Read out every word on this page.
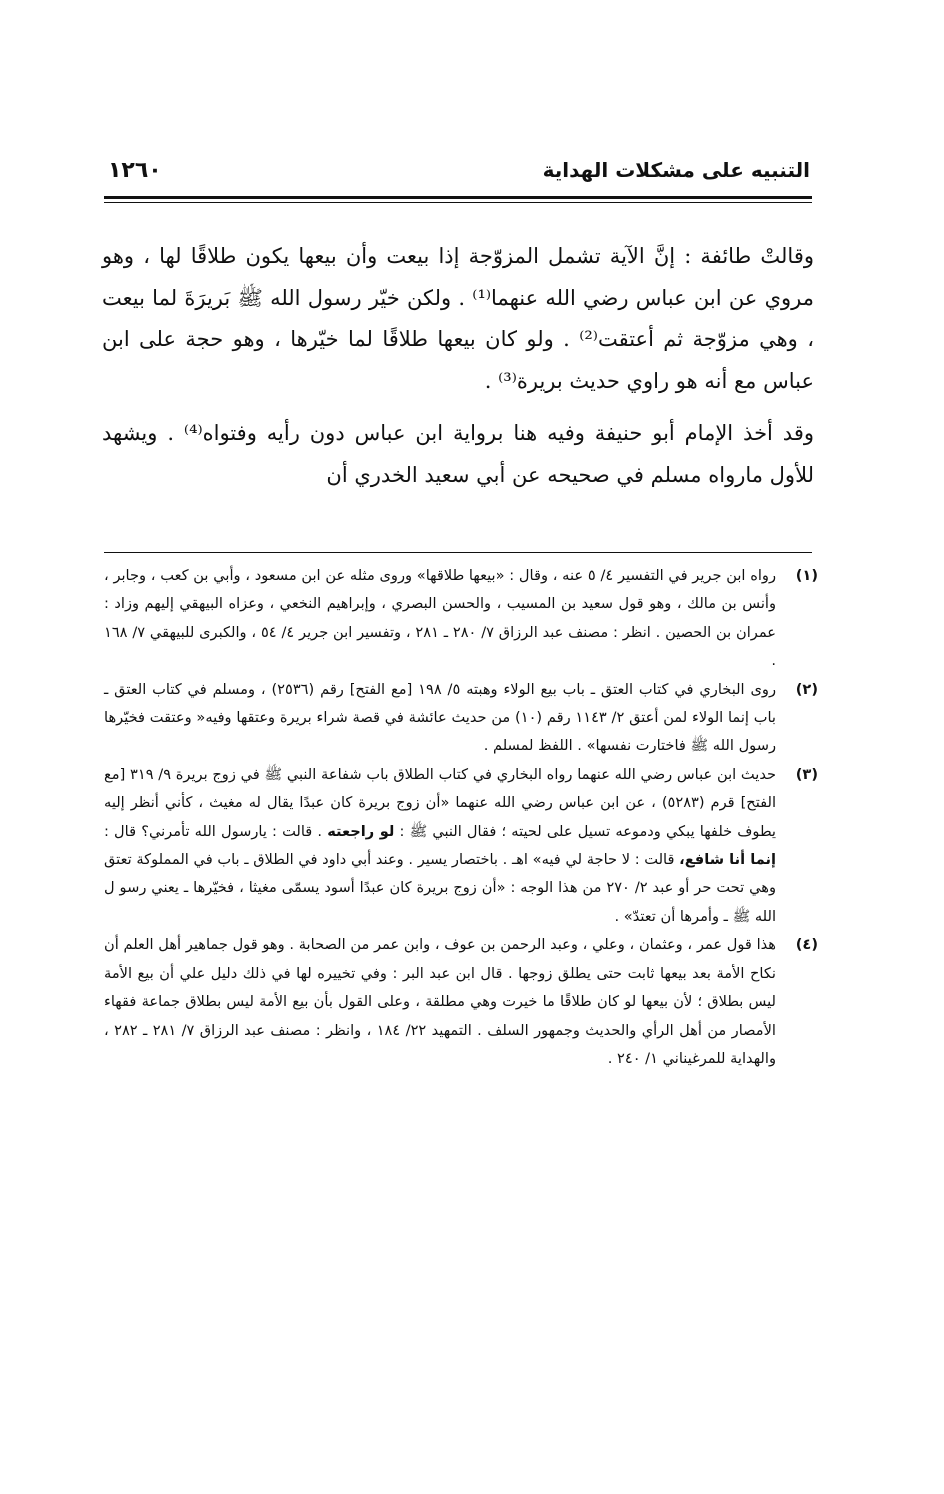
التنبيه على مشكلات الهداية
١٢٦٠

وقالتْ طائفة : إنَّ الآية تشمل المزوّجة إذا بيعت وأن بيعها يكون طلاقًا لها ، وهو مروي عن ابن عباس رضي الله عنهما⁽¹⁾ . ولكن خيّر رسول الله ﷺ بَريرَةَ لما بيعت ، وهي مزوّجة ثم أعتقت⁽²⁾ . ولو كان بيعها طلاقًا لما خيّرها ، وهو حجة على ابن عباس مع أنه هو راوي حديث بريرة⁽³⁾ .

وقد أخذ الإمام أبو حنيفة وفيه هنا برواية ابن عباس دون رأيه وفتواه⁽⁴⁾ . ويشهد للأول مارواه مسلم في صحيحه عن أبي سعيد الخدري أن

(١)
رواه ابن جرير في التفسير ٤/ ٥ عنه ، وقال : «بيعها طلاقها» وروى مثله عن ابن مسعود ، وأبي بن كعب ، وجابر ، وأنس بن مالك ، وهو قول سعيد بن المسيب ، والحسن البصري ، وإبراهيم النخعي ، وعزاه البيهقي إليهم وزاد : عمران بن الحصين . انظر : مصنف عبد الرزاق ٧/ ٢٨٠ ـ ٢٨١ ، وتفسير ابن جرير ٤/ ٥٤ ، والكبرى للبيهقي ٧/ ١٦٨ .
(٢)
روى البخاري في كتاب العتق ـ باب بيع الولاء وهبته ٥/ ١٩٨ [مع الفتح] رقم (٢٥٣٦) ، ومسلم في كتاب العتق ـ باب إنما الولاء لمن أعتق ٢/ ١١٤٣ رقم (١٠) من حديث عائشة في قصة شراء بريرة وعتقها وفيه« وعتقت فخيّرها رسول الله ﷺ فاختارت نفسها» . اللفظ لمسلم .
(٣)
حديث ابن عباس رضي الله عنهما رواه البخاري في كتاب الطلاق باب شفاعة النبي ﷺ في زوج بريرة ٩/ ٣١٩ [مع الفتح] قرم (٥٢٨٣) ، عن ابن عباس رضي الله عنهما «أن زوج بريرة كان عبدًا يقال له مغيث ، كأني أنظر إليه يطوف خلفها يبكي ودموعه تسيل على لحيته ؛ فقال النبي ﷺ : لو راجعته . قالت : يارسول الله تأمرني؟ قال : إنما أنا شافع، قالت : لا حاجة لي فيه» اهـ . باختصار يسير . وعند أبي داود في الطلاق ـ باب في المملوكة تعتق وهي تحت حر أو عبد ٢/ ٢٧٠ من هذا الوجه : «أن زوج بريرة كان عبدًا أسود يسمّى مغيثا ، فخيّرها ـ يعني رسو ل الله ﷺ ـ وأمرها أن تعتدّ» .
(٤)
هذا قول عمر ، وعثمان ، وعلي ، وعبد الرحمن بن عوف ، وابن عمر من الصحابة . وهو قول جماهير أهل العلم أن نكاح الأمة بعد بيعها ثابت حتى يطلق زوجها . قال ابن عبد البر : وفي تخييره لها في ذلك دليل علي أن بيع الأمة ليس بطلاق ؛ لأن بيعها لو كان طلاقًا ما خيرت وهي مطلقة ، وعلى القول بأن بيع الأمة ليس بطلاق جماعة فقهاء الأمصار من أهل الرأي والحديث وجمهور السلف . التمهيد ٢٢/ ١٨٤ ، وانظر : مصنف عبد الرزاق ٧/ ٢٨١ ـ ٢٨٢ ، والهداية للمرغيناني ١/ ٢٤٠ .
